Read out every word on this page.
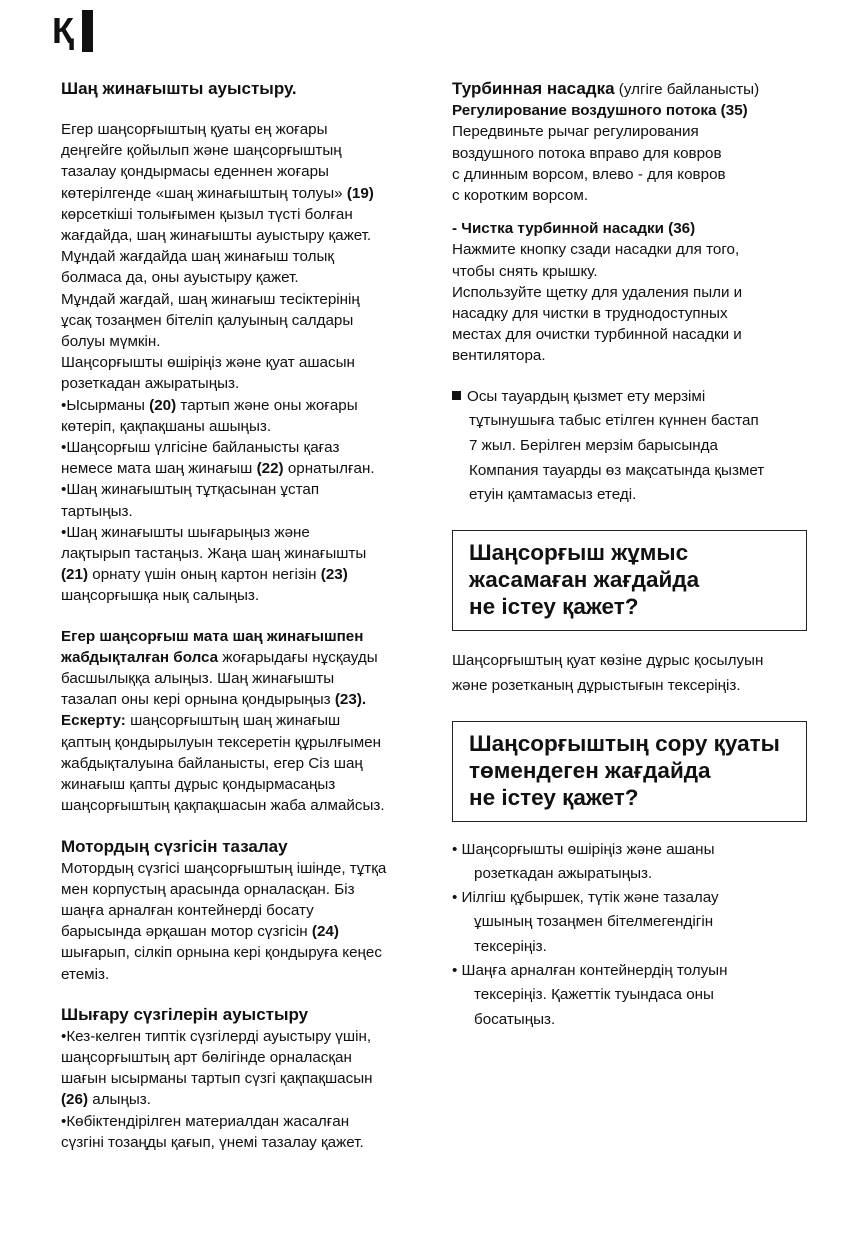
Қ

Шаң жинағышты ауыстыру.

Егер шаңсорғыштың қуаты ең жоғары

деңгейге қойылып және шаңсорғыштың

тазалау қондырмасы еденнен жоғары

көтерілгенде «шаң жинағыштың толуы» (19)

көрсеткіші толығымен қызыл түсті болған

жағдайда, шаң жинағышты ауыстыру қажет.

Мұндай жағдайда шаң жинағыш толық

болмаса да, оны ауыстыру қажет.

Мұндай жағдай, шаң жинағыш тесіктерінің

ұсақ тозаңмен бітеліп қалуының салдары

болуы мүмкін.

Шаңсорғышты өшіріңіз және қуат ашасын

розеткадан ажыратыңыз.

•Ысырманы (20) тартып және оны жоғары

көтеріп, қақпақшаны ашыңыз.

•Шаңсорғыш үлгісіне байланысты қағаз

немесе мата шаң жинағыш (22) орнатылған.

•Шаң жинағыштың тұтқасынан ұстап

тартыңыз.

•Шаң жинағышты шығарыңыз және

лақтырып тастаңыз. Жаңа шаң жинағышты

(21) орнату үшін оның картон негізін (23)

шаңсорғышқа нық салыңыз.

Егер шаңсорғыш мата шаң жинағышпен

жабдықталған болса жоғарыдағы нұсқауды

басшылыққа алыңыз. Шаң жинағышты

тазалап оны кері орнына қондырыңыз (23).

Ескерту: шаңсорғыштың шаң жинағыш

қаптың қондырылуын тексеретін құрылғымен

жабдықталуына байланысты, егер Сіз шаң

жинағыш қапты дұрыс қондырмасаңыз

шаңсорғыштың қақпақшасын жаба алмайсыз.

Мотордың сүзгісін тазалау

Мотордың сүзгісі шаңсорғыштың ішінде, тұтқа

мен корпустың арасында орналасқан. Біз

шаңға арналған контейнерді босату

барысында әрқашан мотор сүзгісін (24)

шығарып, сілкіп орнына кері қондыруға кеңес

етеміз.

Шығару сүзгілерін ауыстыру

•Кез-келген типтік сүзгілерді ауыстыру үшін,

шаңсорғыштың арт бөлігінде орналасқан

шағын ысырманы тартып сүзгі қақпақшасын

(26) алыңыз.

•Көбіктендірілген материалдан жасалған

сүзгіні тозаңды қағып, үнемі тазалау қажет.

Турбинная насадка (улгіге байланысты)

Регулирование воздушного потока (35)

Передвиньте рычаг регулирования

воздушного потока вправо для ковров

с длинным ворсом, влево - для ковров

с коротким ворсом.

- Чистка турбинной насадки (36)

Нажмите кнопку сзади насадки для того,

чтобы снять крышку.

Используйте щетку для удаления пыли и

насадку для чистки в труднодоступных

местах для очистки турбинной насадки и

вентилятора.

Осы тауардың қызмет ету мерзімі

тұтынушыға табыс етілген күннен бастап

7 жыл. Берілген мерзім барысында

Компания тауарды өз мақсатында қызмет

етуін қамтамасыз етеді.

Шаңсорғыш жұмыс

жасамаған жағдайда

не істеу қажет?

Шаңсорғыштың қуат көзіне дұрыс қосылуын

және розетканың дұрыстығын тексеріңіз.

Шаңсорғыштың сору қуаты

төмендеген жағдайда

не істеу қажет?

• Шаңсорғышты өшіріңіз және ашаны

розеткадан ажыратыңыз.

• Иілгіш құбыршек, түтік және тазалау

ұшының тозаңмен бітелмегендігін

тексеріңіз.

• Шаңға арналған контейнердің толуын

тексеріңіз. Қажеттік туындаса оны

босатыңыз.
